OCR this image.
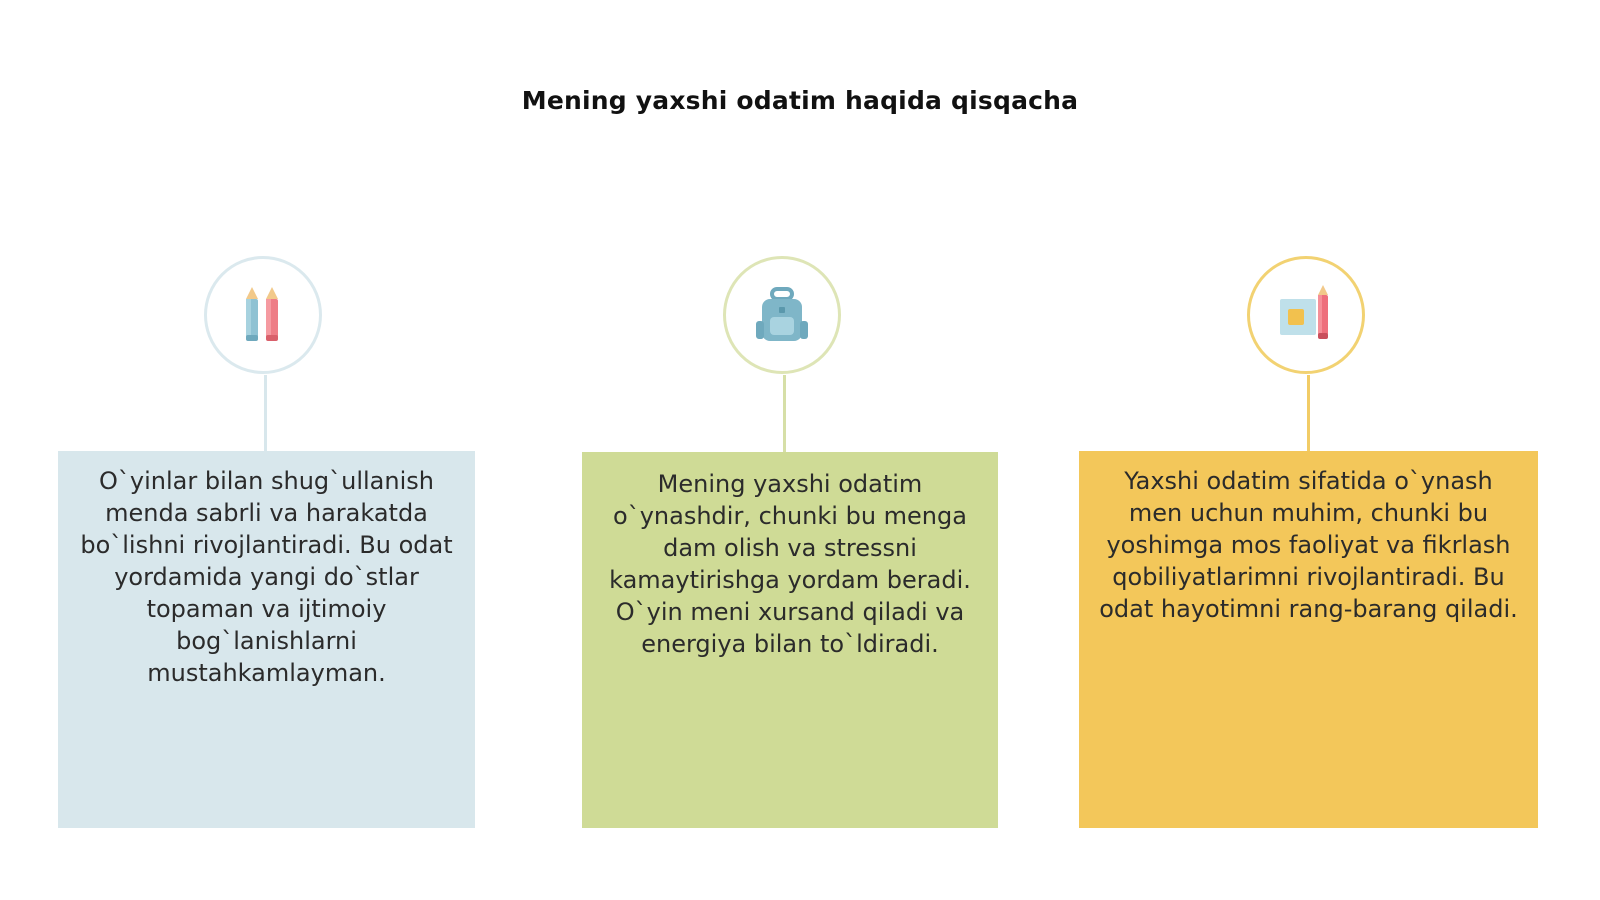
Mening yaxshi odatim haqida qisqacha
O`yinlar bilan shug`ullanish menda sabrli va harakatda bo`lishni rivojlantiradi. Bu odat yordamida yangi do`stlar topaman va ijtimoiy bog`lanishlarni mustahkamlayman.
Mening yaxshi odatim o`ynashdir, chunki bu menga dam olish va stressni kamaytirishga yordam beradi. O`yin meni xursand qiladi va energiya bilan to`ldiradi.
Yaxshi odatim sifatida o`ynash men uchun muhim, chunki bu yoshimga mos faoliyat va fikrlash qobiliyatlarimni rivojlantiradi. Bu odat hayotimni rang-barang qiladi.
